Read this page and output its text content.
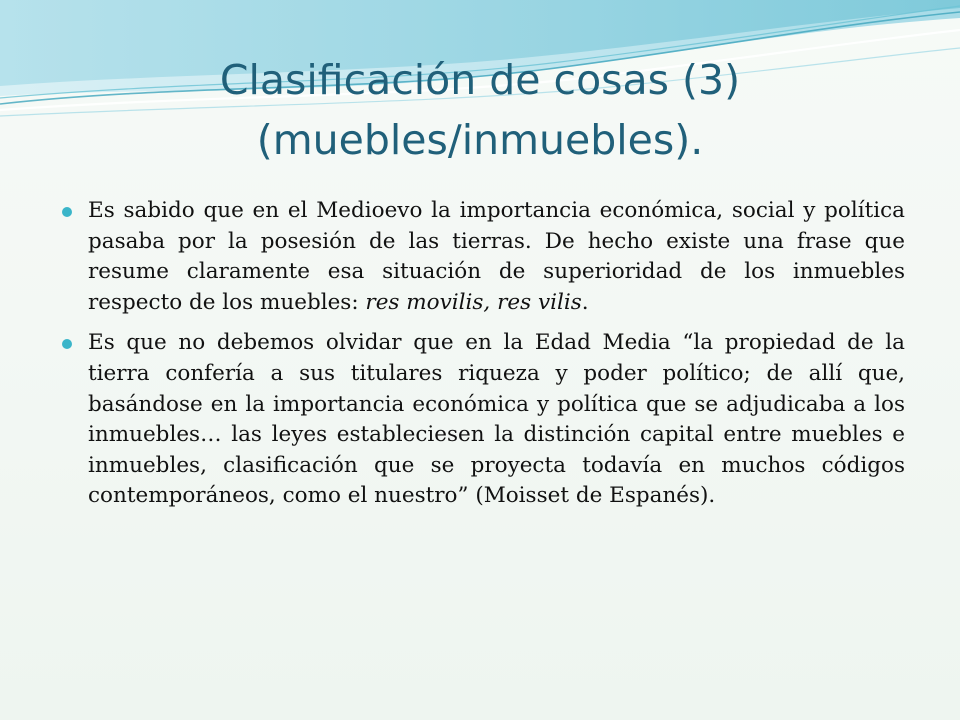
Clasificación de cosas (3)
(muebles/inmuebles).
Es sabido que en el Medioevo la importancia económica, social y política pasaba por la posesión de las tierras. De hecho existe una frase que resume claramente esa situación de superioridad de los inmuebles respecto de los muebles: res movilis, res vilis.
Es que no debemos olvidar que en la Edad Media “la propiedad de la tierra confería a sus titulares riqueza y poder político; de allí que, basándose en la importancia económica y política que se adjudicaba a los inmuebles… las leyes estableciesen la distinción capital entre muebles e inmuebles, clasificación que se proyecta todavía en muchos códigos contemporáneos, como el nuestro” (Moisset de Espanés).
